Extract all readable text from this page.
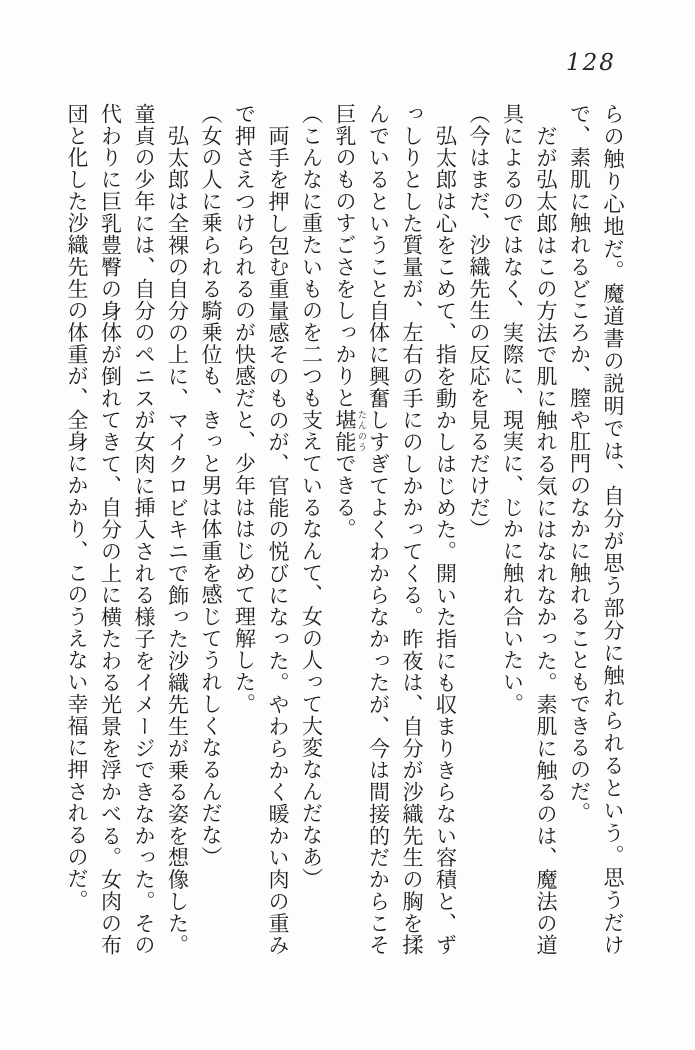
128

らの触り心地だ。魔道書の説明では、自分が思う部分に触れられるという。思うだけで、素肌に触れるどころか、膣や肛門のなかに触れることもできるのだ。

だが弘太郎はこの方法で肌に触れる気にはなれなかった。素肌に触るのは、魔法の道具によるのではなく、実際に、現実に、じかに触れ合いたい。

（今はまだ、沙織先生の反応を見るだけだ）

弘太郎は心をこめて、指を動かしはじめた。開いた指にも収まりきらない容積と、ずっしりとした質量が、左右の手にのしかかってくる。昨夜は、自分が沙織先生の胸を揉んでいるということ自体に興奮しすぎてよくわからなかったが、今は間接的だからこそ巨乳のものすごさをしっかりと堪能 たんのうできる。

（こんなに重たいものを二つも支えているなんて、女の人って大変なんだなあ）

両手を押し包む重量感そのものが、官能の悦びになった。やわらかく暖かい肉の重みで押さえつけられるのが快感だと、少年ははじめて理解した。

（女の人に乗られる騎乗位も、きっと男は体重を感じてうれしくなるんだな）

弘太郎は全裸の自分の上に、マイクロビキニで飾った沙織先生が乗る姿を想像した。童貞の少年には、自分のペニスが女肉に挿入される様子をイメージできなかった。その代わりに巨乳豊臀の身体が倒れてきて、自分の上に横たわる光景を浮かべる。女肉の布団と化した沙織先生の体重が、全身にかかり、このうえない幸福に押されるのだ。
